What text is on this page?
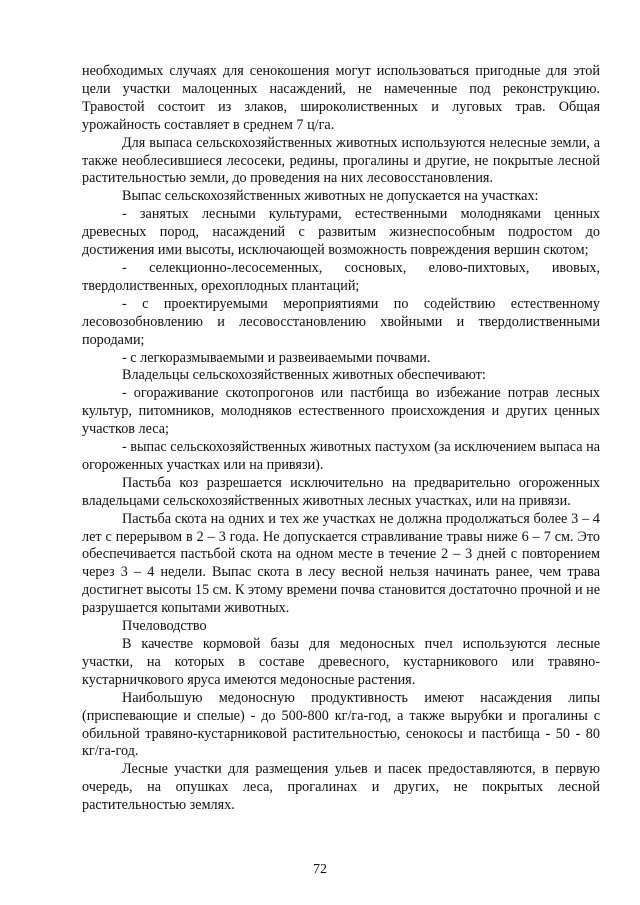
необходимых случаях для сенокошения могут использоваться пригодные для этой цели участки малоценных насаждений, не намеченные под реконструкцию. Травостой состоит из злаков, широколиственных и луговых трав. Общая урожайность составляет в среднем 7 ц/га.

Для выпаса сельскохозяйственных животных используются нелесные земли, а также необлесившиеся лесосеки, редины, прогалины и другие, не покрытые лесной растительностью земли, до проведения на них лесовосстановления.

Выпас сельскохозяйственных животных не допускается на участках:

- занятых лесными культурами, естественными молодняками ценных древесных пород, насаждений с развитым жизнеспособным подростом до достижения ими высоты, исключающей возможность повреждения вершин скотом;

- селекционно-лесосеменных, сосновых, елово-пихтовых, ивовых, твердолиственных, орехоплодных плантаций;

- с проектируемыми мероприятиями по содействию естественному лесовозобновлению и лесовосстановлению хвойными и твердолиственными породами;

- с легкоразмываемыми и развеиваемыми почвами.

Владельцы сельскохозяйственных животных обеспечивают:

- огораживание скотопрогонов или пастбища во избежание потрав лесных культур, питомников, молодняков естественного происхождения и других ценных участков леса;

- выпас сельскохозяйственных животных пастухом (за исключением выпаса на огороженных участках или на привязи).

Пастьба коз разрешается исключительно на предварительно огороженных владельцами сельскохозяйственных животных лесных участках, или на привязи.

Пастьба скота на одних и тех же участках не должна продолжаться более 3 – 4 лет с перерывом в 2 – 3 года. Не допускается стравливание травы ниже 6 – 7 см. Это обеспечивается пастьбой скота на одном месте в течение 2 – 3 дней с повторением через 3 – 4 недели. Выпас скота в лесу весной нельзя начинать ранее, чем трава достигнет высоты 15 см. К этому времени почва становится достаточно прочной и не разрушается копытами животных.

Пчеловодство

В качестве кормовой базы для медоносных пчел используются лесные участки, на которых в составе древесного, кустарникового или травяно-кустарничкового яруса имеются медоносные растения.

Наибольшую медоносную продуктивность имеют насаждения липы (приспевающие и спелые) - до 500-800 кг/га-год, а также вырубки и прогалины с обильной травяно-кустарниковой растительностью, сенокосы и пастбища - 50 - 80 кг/га-год.

Лесные участки для размещения ульев и пасек предоставляются, в первую очередь, на опушках леса, прогалинах и других, не покрытых лесной растительностью землях.

72
